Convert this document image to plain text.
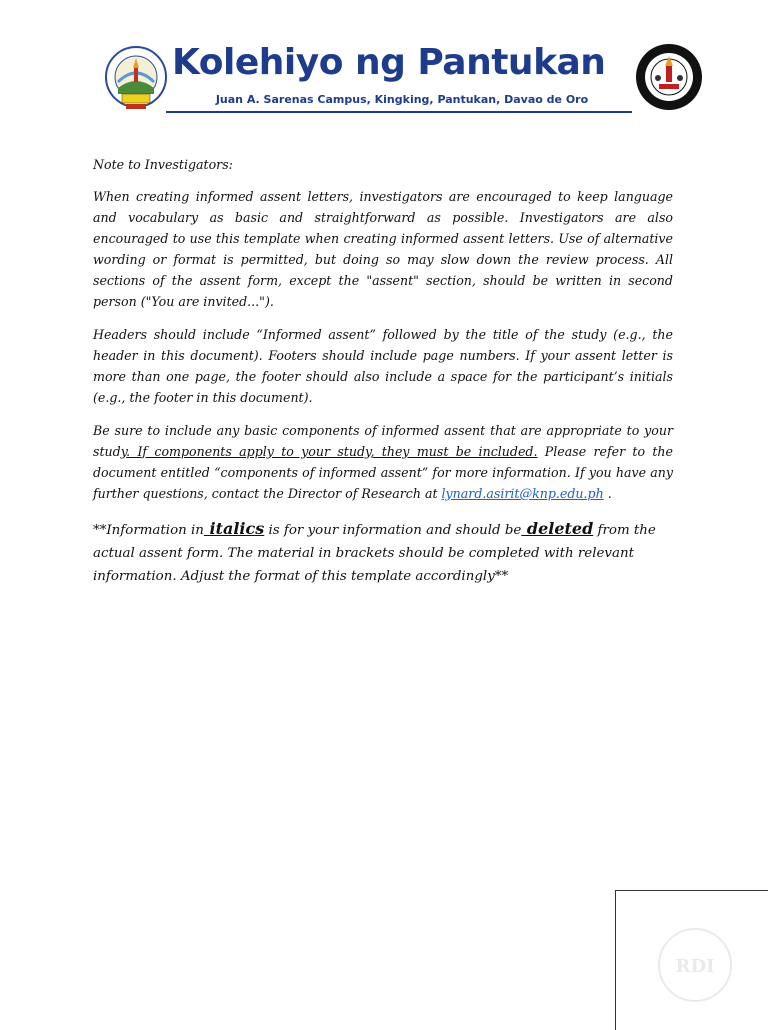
Kolehiyo ng Pantukan
Juan A. Sarenas Campus, Kingking, Pantukan, Davao de Oro

Note to Investigators:

When creating informed assent letters, investigators are encouraged to keep language and vocabulary as basic and straightforward as possible. Investigators are also encouraged to use this template when creating informed assent letters. Use of alternative wording or format is permitted, but doing so may slow down the review process. All sections of the assent form, except the "assent" section, should be written in second person ("You are invited...").

Headers should include “Informed assent” followed by the title of the study (e.g., the header in this document). Footers should include page numbers. If your assent letter is more than one page, the footer should also include a space for the participant’s initials (e.g., the footer in this document).

Be sure to include any basic components of informed assent that are appropriate to your study. If components apply to your study, they must be included. Please refer to the document entitled “components of informed assent” for more information. If you have any further questions, contact the Director of Research at lynard.asirit@knp.edu.ph .

**Information in italics is for your information and should be deleted from the actual assent form. The material in brackets should be completed with relevant information. Adjust the format of this template accordingly**
RDI
